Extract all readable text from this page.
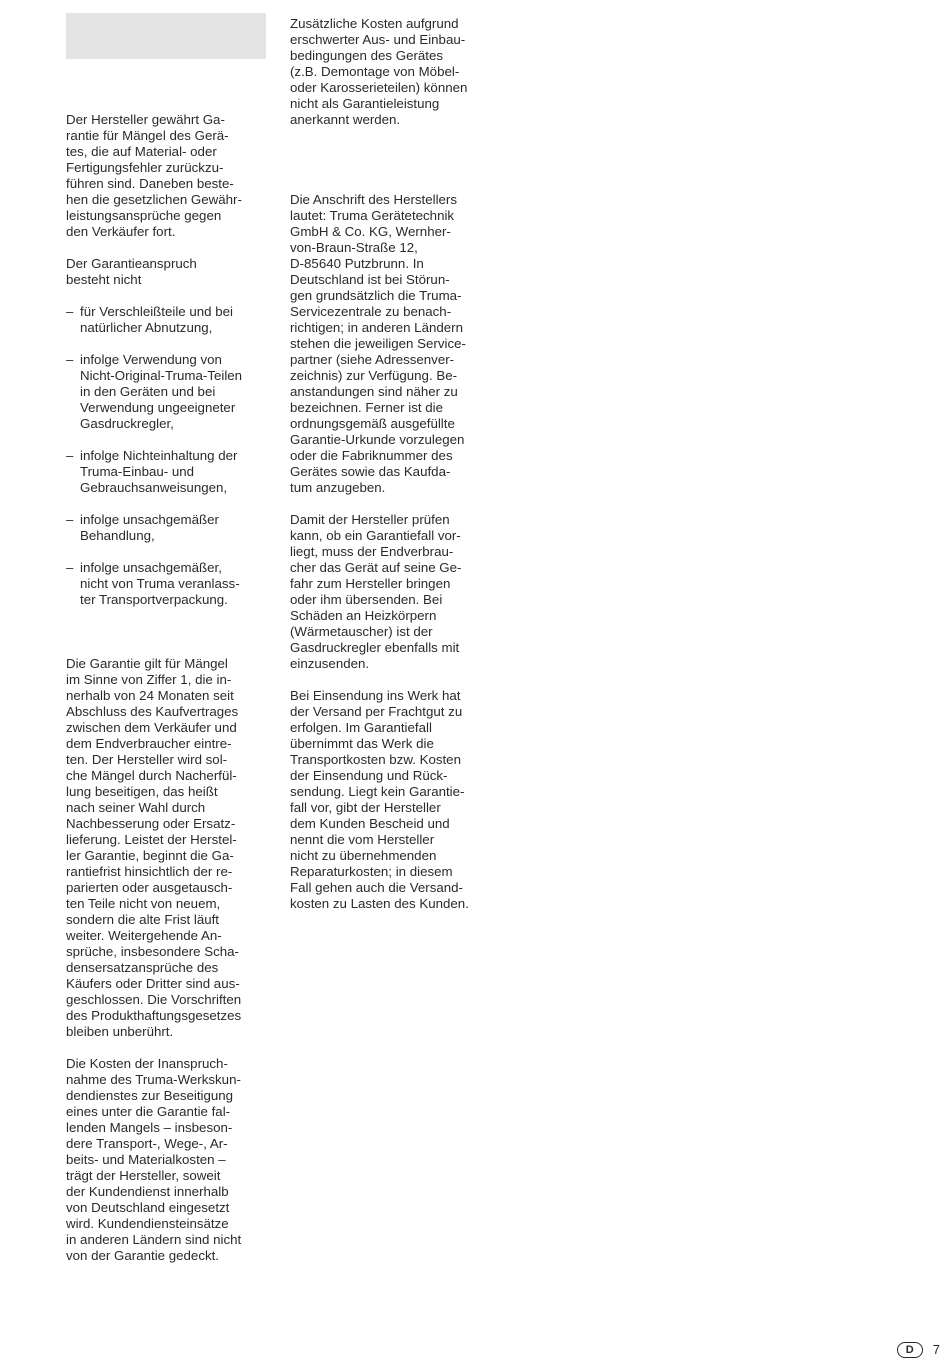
Der Hersteller gewährt Ga-
rantie für Mängel des Gerä-
tes, die auf Material- oder
Fertigungsfehler zurückzu-
führen sind. Daneben beste-
hen die gesetzlichen Gewähr-
leistungsansprüche gegen
den Verkäufer fort.

Der Garantieanspruch
besteht nicht

– für Verschleißteile und bei
natürlicher Abnutzung,
– infolge Verwendung von
Nicht-Original-Truma-Teilen
in den Geräten und bei
Verwendung ungeeigneter
Gasdruckregler,
– infolge Nichteinhaltung der
Truma-Einbau- und
Gebrauchsanweisungen,
– infolge unsachgemäßer
Behandlung,
– infolge unsachgemäßer,
nicht von Truma veranlass-
ter Transportverpackung.

Die Garantie gilt für Mängel
im Sinne von Ziffer 1, die in-
nerhalb von 24 Monaten seit
Abschluss des Kaufvertrages
zwischen dem Verkäufer und
dem Endverbraucher eintre-
ten. Der Hersteller wird sol-
che Mängel durch Nacherfül-
lung beseitigen, das heißt
nach seiner Wahl durch
Nachbesserung oder Ersatz-
lieferung. Leistet der Herstel-
ler Garantie, beginnt die Ga-
rantiefrist hinsichtlich der re-
parierten oder ausgetausch-
ten Teile nicht von neuem,
sondern die alte Frist läuft
weiter. Weitergehende An-
sprüche, insbesondere Scha-
densersatzansprüche des
Käufers oder Dritter sind aus-
geschlossen. Die Vorschriften
des Produkthaftungsgesetzes
bleiben unberührt.

Die Kosten der Inanspruch-
nahme des Truma-Werkskun-
dendienstes zur Beseitigung
eines unter die Garantie fal-
lenden Mangels – insbeson-
dere Transport-, Wege-, Ar-
beits- und Materialkosten –
trägt der Hersteller, soweit
der Kundendienst innerhalb
von Deutschland eingesetzt
wird. Kundendiensteinsätze
in anderen Ländern sind nicht
von der Garantie gedeckt.

Zusätzliche Kosten aufgrund
erschwerter Aus- und Einbau-
bedingungen des Gerätes
(z.B. Demontage von Möbel-
oder Karosserieteilen) können
nicht als Garantieleistung
anerkannt werden.

Die Anschrift des Herstellers
lautet: Truma Gerätetechnik
GmbH & Co. KG, Wernher-
von-Braun-Straße 12,
D-85640 Putzbrunn. In
Deutschland ist bei Störun-
gen grundsätzlich die Truma-
Servicezentrale zu benach-
richtigen; in anderen Ländern
stehen die jeweiligen Service-
partner (siehe Adressenver-
zeichnis) zur Verfügung. Be-
anstandungen sind näher zu
bezeichnen. Ferner ist die
ordnungsgemäß ausgefüllte
Garantie-Urkunde vorzulegen
oder die Fabriknummer des
Gerätes sowie das Kaufda-
tum anzugeben.

Damit der Hersteller prüfen
kann, ob ein Garantiefall vor-
liegt, muss der Endverbrau-
cher das Gerät auf seine Ge-
fahr zum Hersteller bringen
oder ihm übersenden. Bei
Schäden an Heizkörpern
(Wärmetauscher) ist der
Gasdruckregler ebenfalls mit
einzusenden.

Bei Einsendung ins Werk hat
der Versand per Frachtgut zu
erfolgen. Im Garantiefall
übernimmt das Werk die
Transportkosten bzw. Kosten
der Einsendung und Rück-
sendung. Liegt kein Garantie-
fall vor, gibt der Hersteller
dem Kunden Bescheid und
nennt die vom Hersteller
nicht zu übernehmenden
Reparaturkosten; in diesem
Fall gehen auch die Versand-
kosten zu Lasten des Kunden.

D	7
